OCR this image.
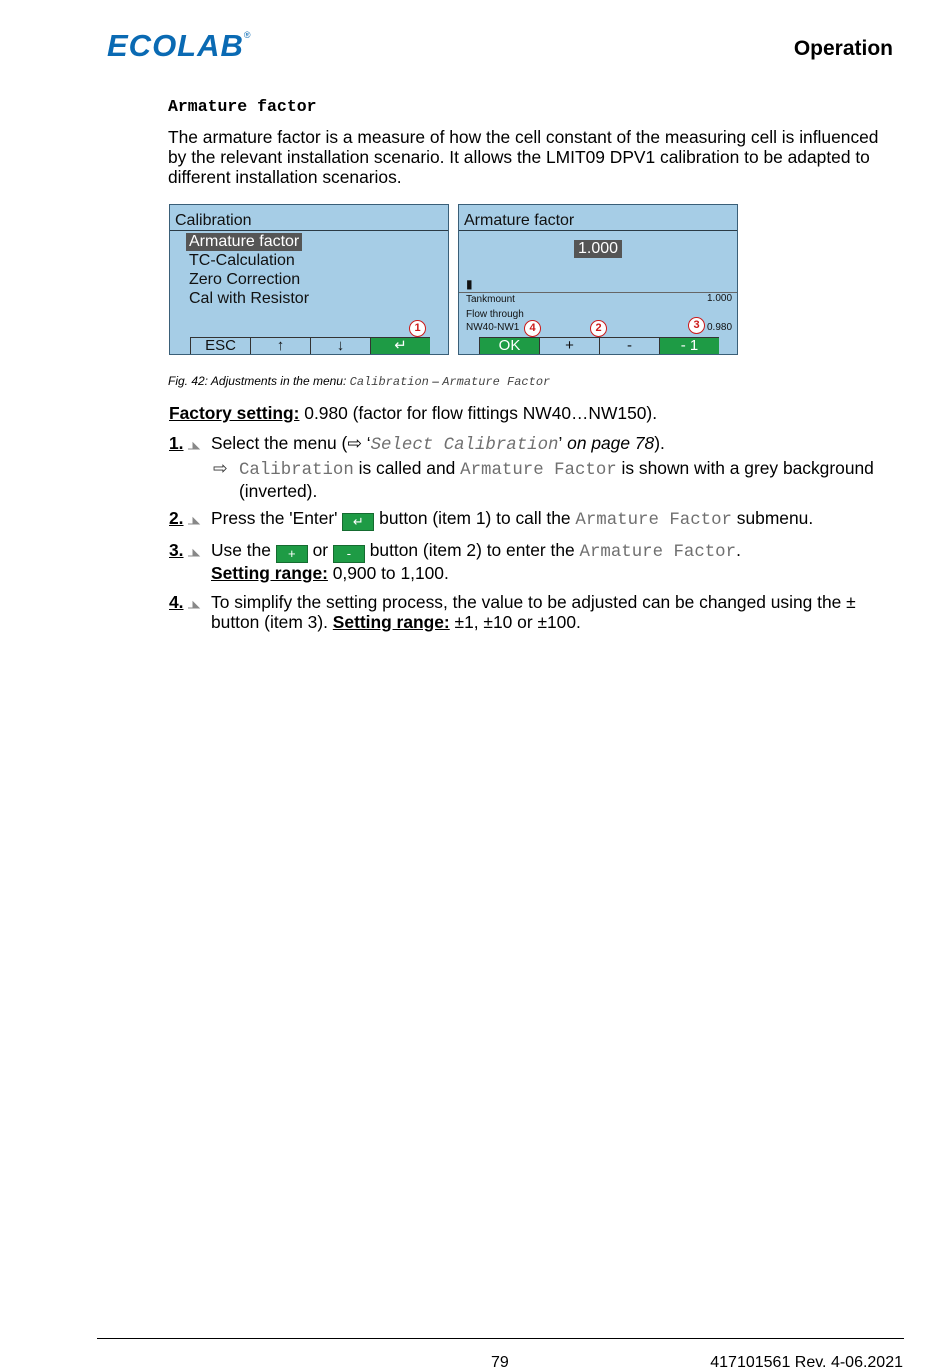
ECOLAB®
Operation
Armature factor
The armature factor is a measure of how the cell constant of the measuring cell is influenced by the relevant installation scenario. It allows the LMIT09 DPV1 calibration to be adapted to different installation scenarios.
Calibration
Armature factor
TC-Calculation
Zero Correction
Cal with Resistor
1
ESC	↑	↓	↵
Armature factor
1.000
▮
Tankmount	1.000
Flow through
NW40-NW1	0.980
4	2	3
OK	+	-	- 1
Fig. 42: Adjustments in the menu: Calibration – Armature Factor
Factory setting: 0.980 (factor for flow fittings NW40…NW150).
1.	Select the menu (⇨ ‘Select Calibration’ on page 78).
⇨ Calibration is called and Armature Factor is shown with a grey background (inverted).
2.	Press the 'Enter' ↵ button (item 1) to call the Armature Factor submenu.
3.	Use the + or - button (item 2) to enter the Armature Factor.
Setting range: 0,900 to 1,100.
4.	To simplify the setting process, the value to be adjusted can be changed using the ± button (item 3). Setting range: ±1, ±10 or ±100.
79	417101561 Rev. 4-06.2021
